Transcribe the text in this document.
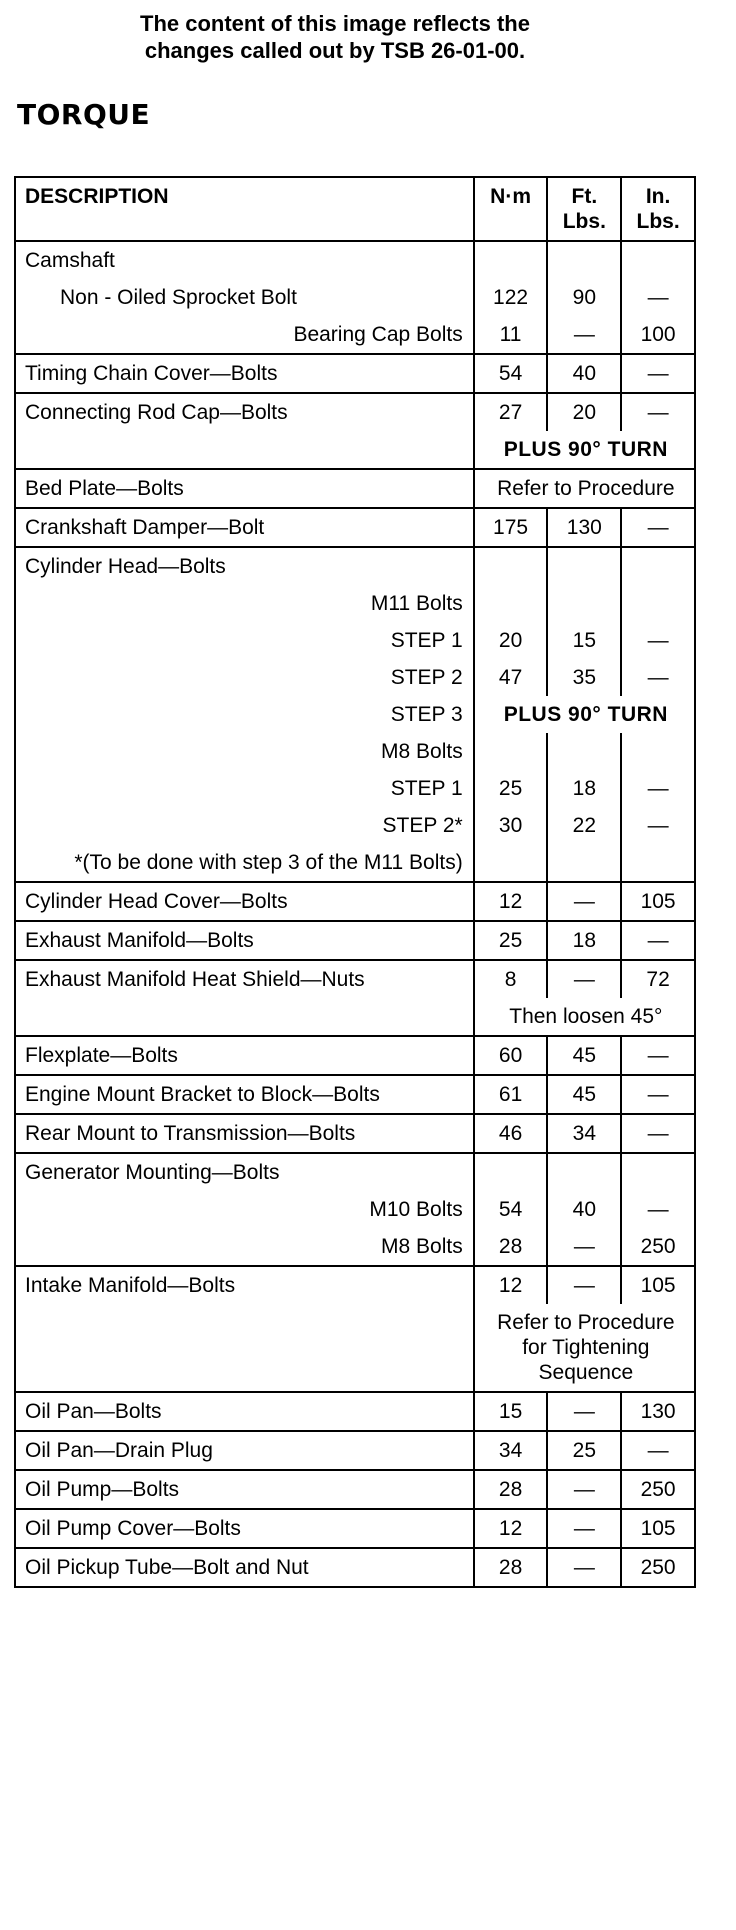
The content of this image reflects the changes called out by TSB 26-01-00.
TORQUE
DESCRIPTION	N·m	Ft. Lbs.	In. Lbs.
Camshaft			
Non - Oiled Sprocket Bolt	122	90	—
Bearing Cap Bolts	11	—	100
Timing Chain Cover—Bolts	54	40	—
Connecting Rod Cap—Bolts	27	20	—
	PLUS 90° TURN		
Bed Plate—Bolts	Refer to Procedure		
Crankshaft Damper—Bolt	175	130	—
Cylinder Head—Bolts			
M11 Bolts			
STEP 1	20	15	—
STEP 2	47	35	—
STEP 3	PLUS 90° TURN		
M8 Bolts			
STEP 1	25	18	—
STEP 2*	30	22	—
*(To be done with step 3 of the M11 Bolts)			
Cylinder Head Cover—Bolts	12	—	105
Exhaust Manifold—Bolts	25	18	—
Exhaust Manifold Heat Shield—Nuts	8	—	72
	Then loosen 45°		
Flexplate—Bolts	60	45	—
Engine Mount Bracket to Block—Bolts	61	45	—
Rear Mount to Transmission—Bolts	46	34	—
Generator Mounting—Bolts			
M10 Bolts	54	40	—
M8 Bolts	28	—	250
Intake Manifold—Bolts	12	—	105
	Refer to Procedure for Tightening Sequence		
Oil Pan—Bolts	15	—	130
Oil Pan—Drain Plug	34	25	—
Oil Pump—Bolts	28	—	250
Oil Pump Cover—Bolts	12	—	105
Oil Pickup Tube—Bolt and Nut	28	—	250
